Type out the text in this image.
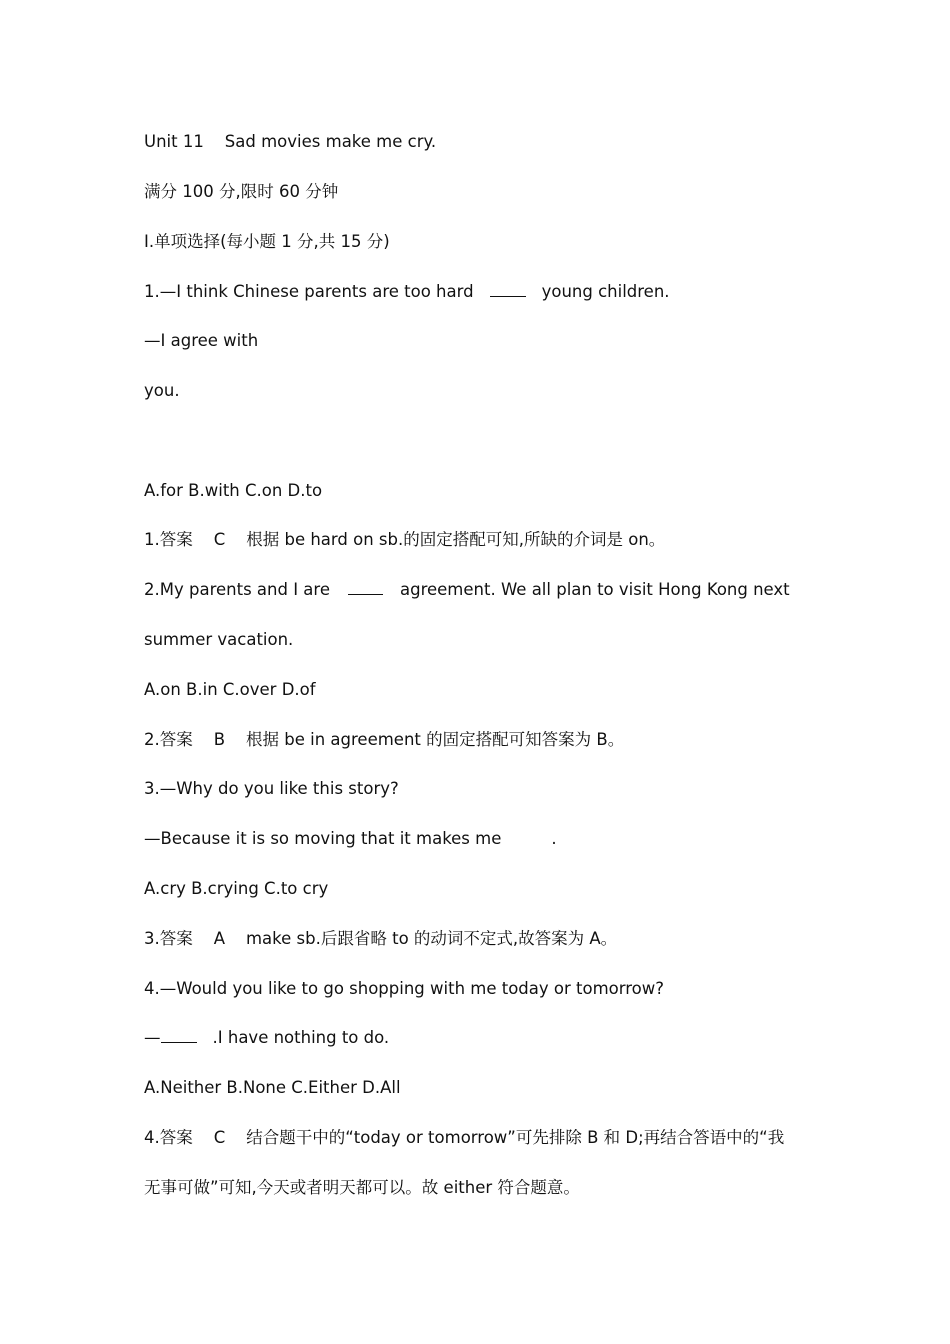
Unit 11    Sad movies make me cry.

满分 100 分,限时 60 分钟

Ⅰ.单项选择(每小题 1 分,共 15 分)

1.—I think Chinese parents are too hard	young children.

—I agree with

you.

A.for B.with C.on D.to

1.答案    C    根据 be hard on sb.的固定搭配可知,所缺的介词是 on。

2.My parents and I are	agreement. We all plan to visit Hong Kong next

summer vacation.

A.on B.in C.over D.of

2.答案    B    根据 be in agreement 的固定搭配可知答案为 B。

3.—Why do you like this story?

—Because it is so moving that it makes me	.

A.cry B.crying C.to cry

3.答案    A    make sb.后跟省略 to 的动词不定式,故答案为 A。

4.—Would you like to go shopping with me today or tomorrow?

—	.I have nothing to do.

A.Neither B.None C.Either D.All

4.答案    C    结合题干中的“today or tomorrow”可先排除 B 和 D;再结合答语中的“我

无事可做”可知,今天或者明天都可以。故 either 符合题意。
